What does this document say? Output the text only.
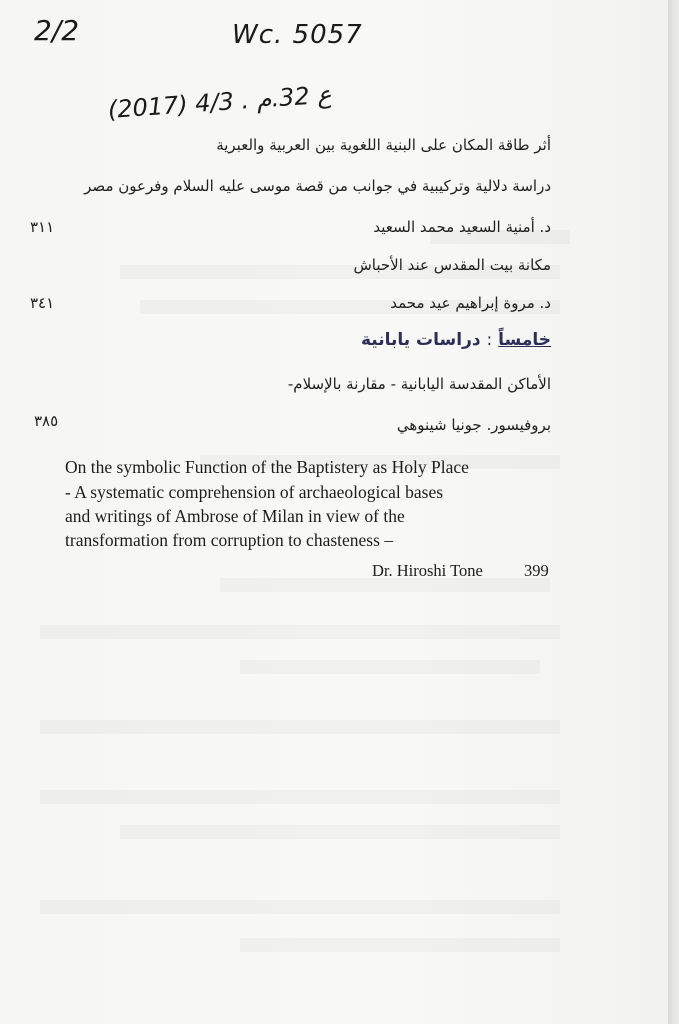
2/2	Wc. 5057
(2017) 4/3 . ع 32.م
أثر طاقة المكان على البنية اللغوية بين العربية والعبرية
دراسة دلالية وتركيبية في جوانب من قصة موسى عليه السلام وفرعون مصر
د. أمنية السعيد محمد السعيد
٣١١
مكانة بيت المقدس عند الأحباش
د. مروة إبراهيم عيد محمد
٣٤١
خامساً : دراسات يابانية
الأماكن المقدسة اليابانية - مقارنة بالإسلام-
بروفيسور. جونيا شينوهي
٣٨٥
On the symbolic Function of the Baptistery as Holy Place
- A systematic comprehension of archaeological bases
and writings of Ambrose of Milan in view of the
transformation from corruption to chasteness –
Dr. Hiroshi Tone 399
